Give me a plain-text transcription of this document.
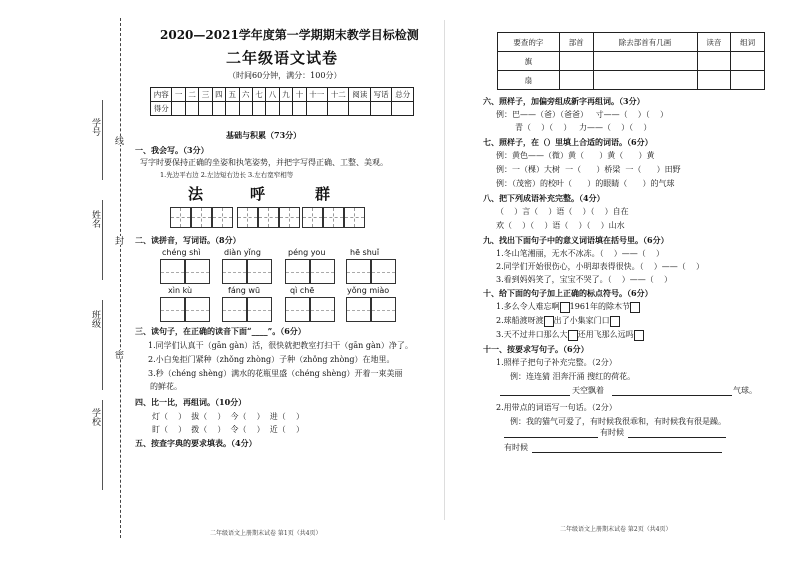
学号
姓名
班级
学校
线
封
密
2020—2021学年度第一学期期末教学目标检测
二年级语文试卷
（时间60分钟，满分：100分）
内容	一	二	三	四	五	六	七	八	九	十	十一	十二	阅读	写话	总分
得分															
基础与积累（73分）
一、我会写。（3分）
写字时要保持正确的坐姿和执笔姿势，并把字写得正确、工整、美观。
1.先边平右边 2.左边短右边长 3.左右宽窄相等
法 呼 群
二、读拼音，写词语。（8分）
chéng shì	diàn yǐng	péng you	hē shuǐ
xìn kù	fáng wū	qì chē	yǒng miào
三、读句子，在正确的读音下面“____”。（6分）
1.同学们认真干（gān gàn）活，很快就把教室打扫干（gān gàn）净了。
2.小白兔拒门紧种（zhǒng zhòng）子种（zhǒng zhòng）在地里。
3.秒（chéng shèng）满水的花瓶里盛（chéng shèng）开着一束美丽
的鲜花。
四、比一比，再组词。（10分）
灯（    ）  拔（    ）  今（    ）  进（    ）
盯（    ）  拨（    ）  令（    ）  近（    ）
五、按查字典的要求填表。（4分）
二年级语文上册期末试卷 第1页（共4页）
要查的字	部首	除去部首有几画	读音	组词
旗				
扇				
六、照样子，加偏旁组成新字再组词。（3分）
例：巴——（爸）（爸爸）   寸——（    ）（    ）
青（    ）（    ）   力——（    ）（    ）
七、照样子，在（）里填上合适的词语。（6分）
例：黄色——（微）黄（      ）黄（      ）黄
例：一（棵）大树  一（      ）桥梁  一（      ）田野
例：（茂密）的校叶（      ）的眼睛（      ）的气球
八、把下列成语补充完整。（4分）
（    ）言（    ）语（    ）（    ）自在
欢（    ）（    ）语（    ）（    ）山水
九、找出下面句子中的意义词语填在括号里。（6分）
1.冬山笔湘丽，无水不冰冻。（    ）——（    ）
2.同学们开始很伤心，小明却表得很快。（    ）——（    ）
3.看到妈妈笑了，宝宝不哭了。（    ）——（    ）
十、给下面的句子加上正确的标点符号。（6分）
1.多么令人难忘啊 1961年的除木节
2.球船渡呀渡 出了小集家门口
3.天不过井口那么大 还用飞那么远吗
十一、按要求写句子。（6分）
1.照样子把句子补充完整。（2分）
例：连连猜 泪奔汗涌 搜红的荷花。
天空飘着	气球。
2.用带点的词语写一句话。（2分）
例：我的猫气可爱了，有时候我很乖和，有时候我有很是躁。
有时候
有时候
二年级语文上册期末试卷 第2页（共4页）
